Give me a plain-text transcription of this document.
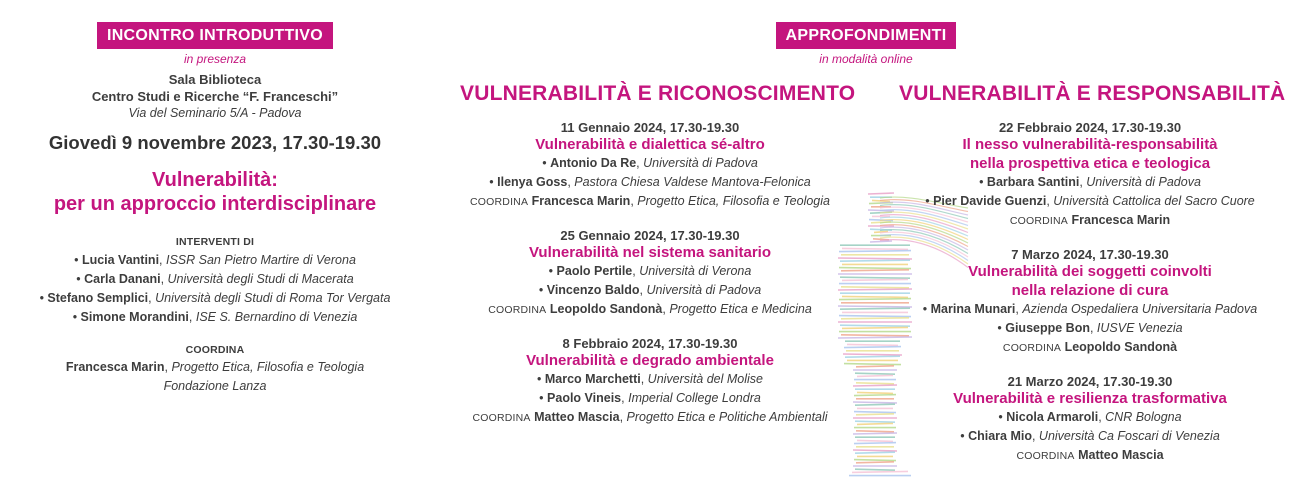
INCONTRO INTRODUTTIVO
in presenza
Sala Biblioteca
Centro Studi e Ricerche “F. Franceschi”
Via del Seminario 5/A - Padova
Giovedì 9 novembre 2023, 17.30-19.30
Vulnerabilità:
per un approccio interdisciplinare
INTERVENTI DI
• Lucia Vantini, ISSR San Pietro Martire di Verona
• Carla Danani, Università degli Studi di Macerata
• Stefano Semplici, Università degli Studi di Roma Tor Vergata
• Simone Morandini, ISE S. Bernardino di Venezia
COORDINA
Francesca Marin, Progetto Etica, Filosofia e Teologia
Fondazione Lanza
APPROFONDIMENTI
in modalità online
VULNERABILITÀ E RICONOSCIMENTO
11 Gennaio 2024, 17.30-19.30
Vulnerabilità e dialettica sé-altro
• Antonio Da Re, Università di Padova
• Ilenya Goss, Pastora Chiesa Valdese Mantova-Felonica
COORDINA Francesca Marin, Progetto Etica, Filosofia e Teologia
25 Gennaio 2024, 17.30-19.30
Vulnerabilità nel sistema sanitario
• Paolo Pertile, Università di Verona
• Vincenzo Baldo, Università di Padova
COORDINA Leopoldo Sandonà, Progetto Etica e Medicina
8 Febbraio 2024, 17.30-19.30
Vulnerabilità e degrado ambientale
• Marco Marchetti, Università del Molise
• Paolo Vineis, Imperial College Londra
COORDINA Matteo Mascia, Progetto Etica e Politiche Ambientali
VULNERABILITÀ E RESPONSABILITÀ
22 Febbraio 2024, 17.30-19.30
Il nesso vulnerabilità-responsabilità
nella prospettiva etica e teologica
• Barbara Santini, Università di Padova
• Pier Davide Guenzi, Università Cattolica del Sacro Cuore
COORDINA Francesca Marin
7 Marzo 2024, 17.30-19.30
Vulnerabilità dei soggetti coinvolti
nella relazione di cura
• Marina Munari, Azienda Ospedaliera Universitaria Padova
• Giuseppe Bon, IUSVE Venezia
COORDINA Leopoldo Sandonà
21 Marzo 2024, 17.30-19.30
Vulnerabilità e resilienza trasformativa
• Nicola Armaroli, CNR Bologna
• Chiara Mio, Università Ca Foscari di Venezia
COORDINA Matteo Mascia
